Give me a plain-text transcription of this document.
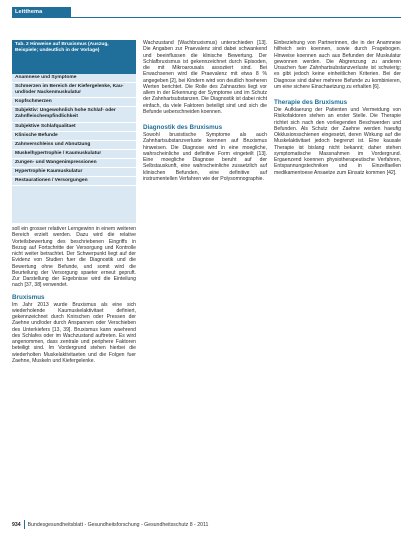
Leitthema
Tab. 2 Hinweise auf Bruxismus (Auszug, Beispiele; undeutlich in der Vorlage)
Anamnese und Symptome
Schmerzen im Bereich der Kiefergelenke, Kau- und/oder Nackenmuskulatur
Kopfschmerzen
Subjektiv: Ungewohnlich hohe Schlaf- oder Zahnfleischempfindlichkeit
Subjektive Schlafqualitaet
Klinische Befunde
Zahnverschleiss und Abnutzung
Muskelhypertrophie / Kaumuskulatur
Zungen- und Wangenimpressionen
Hypertrophie Kaumuskulatur
Restaurationen / Versorgungen

soll ein grosser relativer Lerngewinn in einem weiteren Bereich erzielt werden. Dazu wird die relative Vorteilsbewertung des beschriebenen Eingriffs in Bezug auf Fortschritte der Versorgung und Kontrolle nicht weiter betrachtet. Der Schwerpunkt liegt auf der Evidenz von Studien fuer die Diagnostik und die Bewertung ohne Befunde, und somit wird die Beurteilung der Versorgung spaeter erneut gepruft. Zur Darstellung der Ergebnisse wird die Einteilung nach [37, 38] verwendet.

Bruxismus

Im Jahr 2013 wurde Bruxismus als eine sich wiederholende Kaumuskelaktivitaet definiert, gekennzeichnet durch Knirschen oder Pressen der Zaehne und/oder durch Anspannen oder Verschieben des Unterkiefers [13, 39]. Bruxismus kann waehrend des Schlafes oder im Wachzustand auftreten. Es wird angenommen, dass zentrale und periphere Faktoren beteiligt sind. Im Vordergrund stehen hierbei die wiederholten Muskelaktivitaeten und die Folgen fuer Zaehne, Muskeln und Kiefergelenke.

Wachzustand (Wachbruxismus) unterschieden [13]. Die Angaben zur Praevalenz sind dabei schwankend und beeinflussen die klinische Bewertung. Der Schlafbruxismus ist gekennzeichnet durch Episoden, die mit Mikroarousals assoziiert sind. Bei Erwachsenen wird die Praevalenz mit etwa 8 % angegeben [2], bei Kindern wird von deutlich hoeheren Werten berichtet. Die Rolle des Zahnarztes liegt vor allem in der Erkennung der Symptome und im Schutz der Zahnhartsubstanzen. Die Diagnostik ist dabei nicht einfach, da viele Faktoren beteiligt sind und sich die Befunde ueberschneiden koennen.

Diagnostik des Bruxismus

Sowohl bruxistische Symptome als auch Zahnhartsubstanzverluste koennen auf Bruxismus hinweisen. Die Diagnose wird in eine moegliche, wahrscheinliche und definitive Form eingeteilt [13]. Eine moegliche Diagnose beruht auf der Selbstauskunft, eine wahrscheinliche zusaetzlich auf klinischen Befunden, eine definitive auf instrumentellen Verfahren wie der Polysomnographie.

Einbeziehung von Partnerinnen, die in der Anamnese hilfreich sein koennen, sowie durch Fragebogen. Hinweise koennen auch aus Befunden der Muskulatur gewonnen werden. Die Abgrenzung zu anderen Ursachen fuer Zahnhartsubstanzverluste ist schwierig; es gibt jedoch keine einheitlichen Kriterien. Bei der Diagnose sind daher mehrere Befunde zu kombinieren, um eine sichere Einschaetzung zu erhalten [6].

Therapie des Bruxismus

Die Aufklaerung der Patienten und Vermeidung von Risikofaktoren stehen an erster Stelle. Die Therapie richtet sich nach den vorliegenden Beschwerden und Befunden. Als Schutz der Zaehne werden haeufig Okklusionsschienen eingesetzt, deren Wirkung auf die Muskelaktivitaet jedoch begrenzt ist. Eine kausale Therapie ist bislang nicht bekannt; daher stehen symptomatische Massnahmen im Vordergrund. Ergaenzend koennen physiotherapeutische Verfahren, Entspannungstechniken und in Einzelfaellen medikamentoese Ansaetze zum Einsatz kommen [42].

934 Bundesgesundheitsblatt - Gesundheitsforschung - Gesundheitsschutz 8 - 2011
